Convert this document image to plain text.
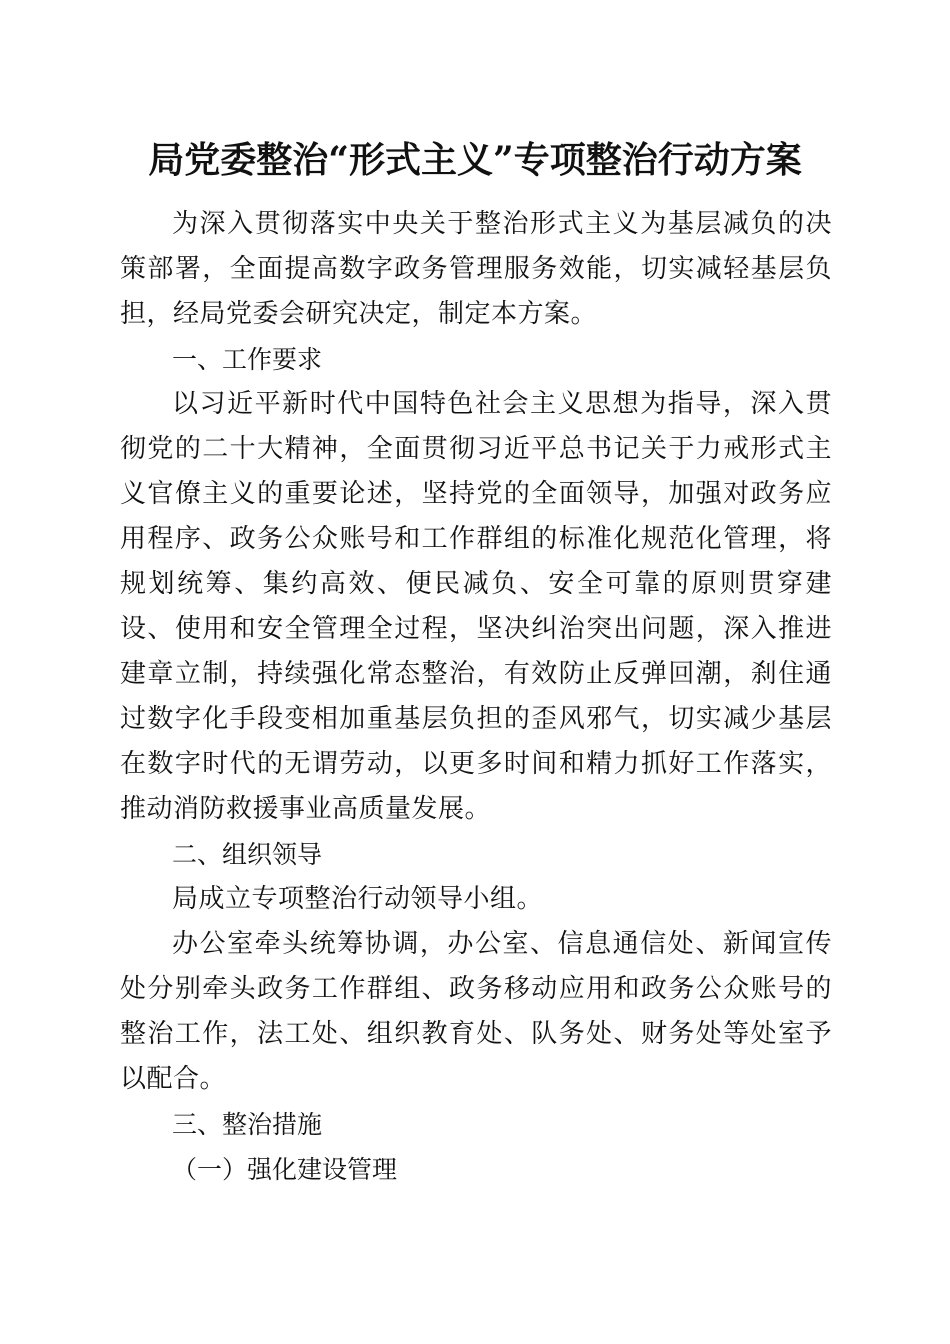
局党委整治“形式主义”专项整治行动方案

为深入贯彻落实中央关于整治形式主义为基层减负的决策部署，全面提高数字政务管理服务效能，切实减轻基层负担，经局党委会研究决定，制定本方案。

一、工作要求

以习近平新时代中国特色社会主义思想为指导，深入贯彻党的二十大精神，全面贯彻习近平总书记关于力戒形式主义官僚主义的重要论述，坚持党的全面领导，加强对政务应用程序、政务公众账号和工作群组的标准化规范化管理，将规划统筹、集约高效、便民减负、安全可靠的原则贯穿建设、使用和安全管理全过程，坚决纠治突出问题，深入推进建章立制，持续强化常态整治，有效防止反弹回潮，刹住通过数字化手段变相加重基层负担的歪风邪气，切实减少基层在数字时代的无谓劳动，以更多时间和精力抓好工作落实，推动消防救援事业高质量发展。

二、组织领导

局成立专项整治行动领导小组。

办公室牵头统筹协调，办公室、信息通信处、新闻宣传处分别牵头政务工作群组、政务移动应用和政务公众账号的整治工作，法工处、组织教育处、队务处、财务处等处室予以配合。

三、整治措施

（一）强化建设管理
